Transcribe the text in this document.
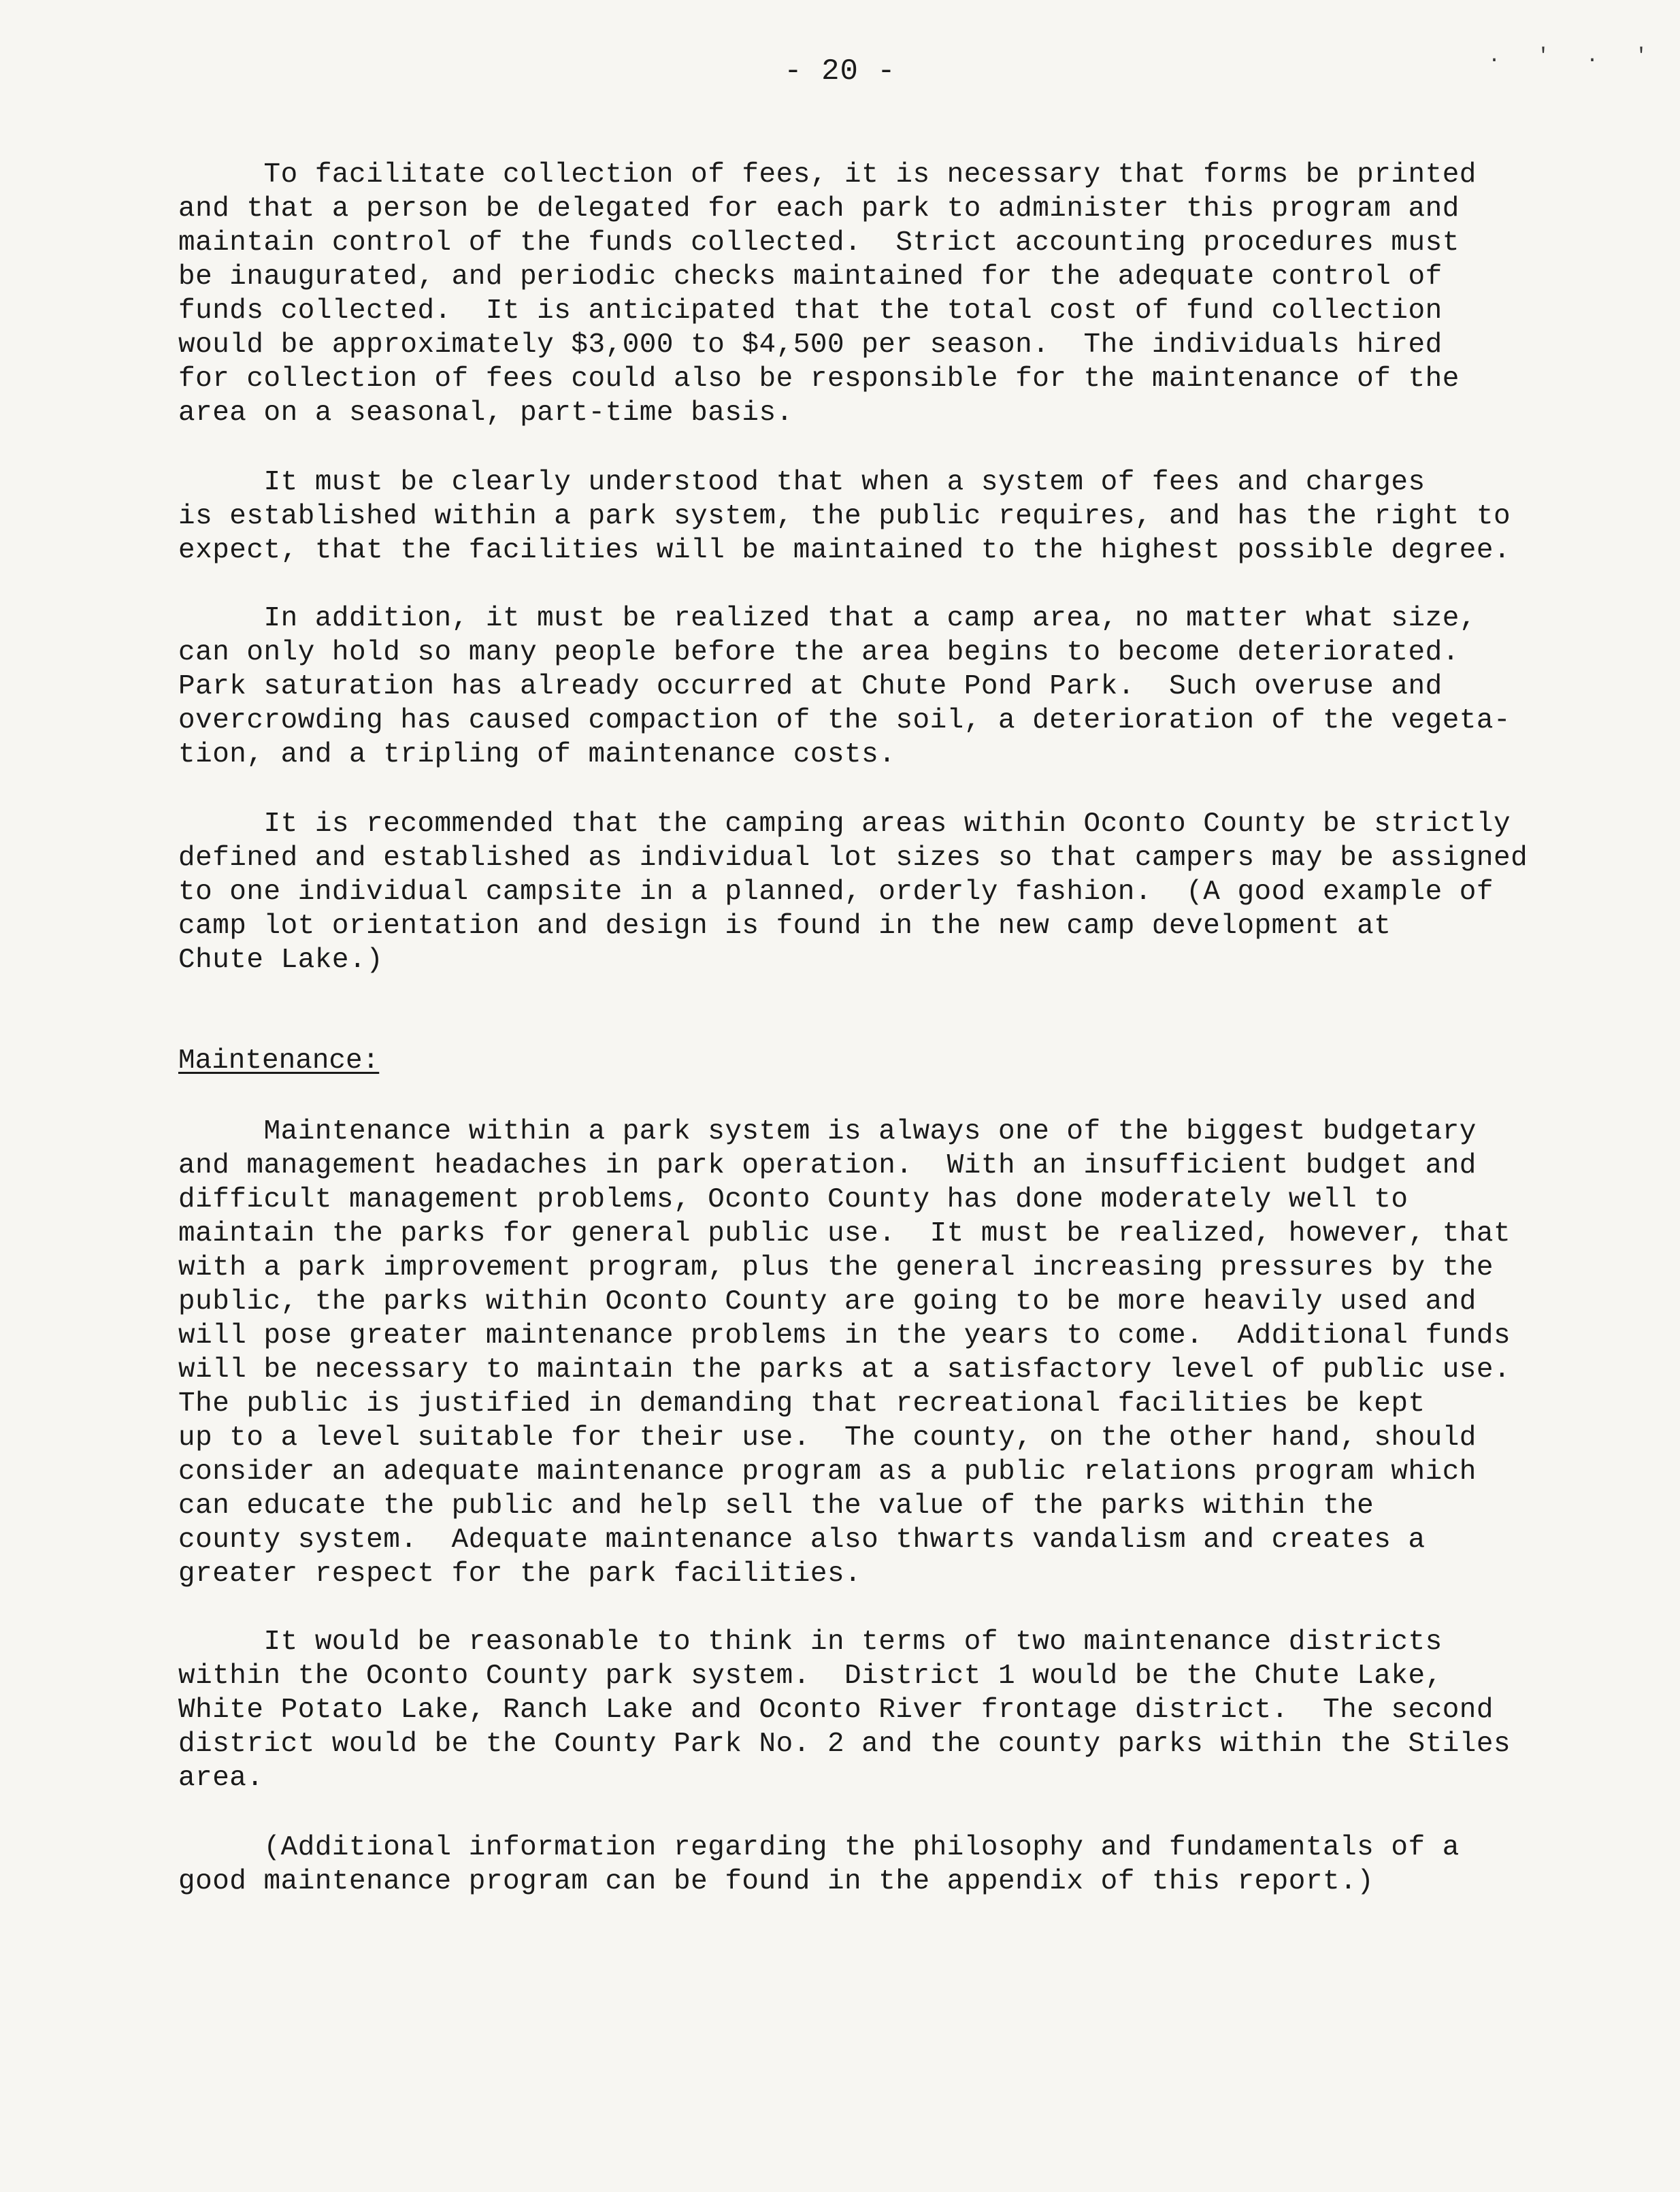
. ' . '
- 20 -
To facilitate collection of fees, it is necessary that forms be printed
and that a person be delegated for each park to administer this program and
maintain control of the funds collected.  Strict accounting procedures must
be inaugurated, and periodic checks maintained for the adequate control of
funds collected.  It is anticipated that the total cost of fund collection
would be approximately $3,000 to $4,500 per season.  The individuals hired
for collection of fees could also be responsible for the maintenance of the
area on a seasonal, part-time basis.
It must be clearly understood that when a system of fees and charges
is established within a park system, the public requires, and has the right to
expect, that the facilities will be maintained to the highest possible degree.
In addition, it must be realized that a camp area, no matter what size,
can only hold so many people before the area begins to become deteriorated.
Park saturation has already occurred at Chute Pond Park.  Such overuse and
overcrowding has caused compaction of the soil, a deterioration of the vegeta-
tion, and a tripling of maintenance costs.
It is recommended that the camping areas within Oconto County be strictly
defined and established as individual lot sizes so that campers may be assigned
to one individual campsite in a planned, orderly fashion.  (A good example of
camp lot orientation and design is found in the new camp development at
Chute Lake.)
Maintenance:
Maintenance within a park system is always one of the biggest budgetary
and management headaches in park operation.  With an insufficient budget and
difficult management problems, Oconto County has done moderately well to
maintain the parks for general public use.  It must be realized, however, that
with a park improvement program, plus the general increasing pressures by the
public, the parks within Oconto County are going to be more heavily used and
will pose greater maintenance problems in the years to come.  Additional funds
will be necessary to maintain the parks at a satisfactory level of public use.
The public is justified in demanding that recreational facilities be kept
up to a level suitable for their use.  The county, on the other hand, should
consider an adequate maintenance program as a public relations program which
can educate the public and help sell the value of the parks within the
county system.  Adequate maintenance also thwarts vandalism and creates a
greater respect for the park facilities.
It would be reasonable to think in terms of two maintenance districts
within the Oconto County park system.  District 1 would be the Chute Lake,
White Potato Lake, Ranch Lake and Oconto River frontage district.  The second
district would be the County Park No. 2 and the county parks within the Stiles
area.
(Additional information regarding the philosophy and fundamentals of a
good maintenance program can be found in the appendix of this report.)
